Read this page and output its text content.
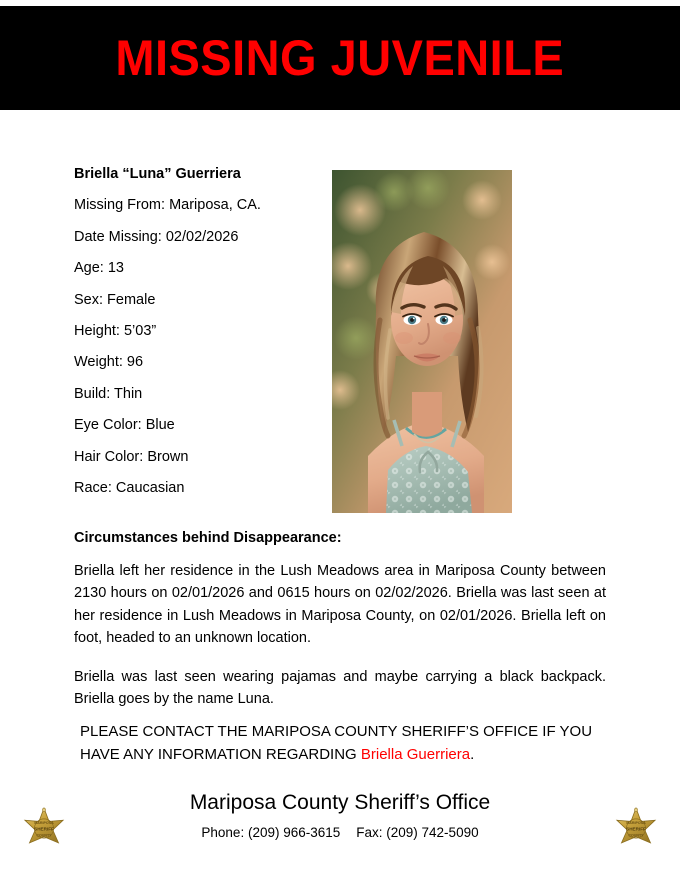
MISSING JUVENILE
Briella “Luna” Guerriera
Missing From: Mariposa, CA.
Date Missing: 02/02/2026
Age: 13
Sex: Female
Height: 5’03”
Weight: 96
Build: Thin
Eye Color: Blue
Hair Color: Brown
Race: Caucasian
Circumstances behind Disappearance:

Briella left her residence in the Lush Meadows area in Mariposa County between 2130 hours on 02/01/2026 and 0615 hours on 02/02/2026. Briella was last seen at her residence in Lush Meadows in Mariposa County, on 02/01/2026. Briella left on foot, headed to an unknown location.

Briella was last seen wearing pajamas and maybe carrying a black backpack. Briella goes by the name Luna.

PLEASE CONTACT THE MARIPOSA COUNTY SHERIFF’S OFFICE IF YOU HAVE ANY INFORMATION REGARDING Briella Guerriera.
Mariposa County Sheriff’s Office
Phone: (209) 966-3615 Fax: (209) 742-5090
MARIPOSA
SHERIFF
COUNTY
MARIPOSA
SHERIFF
COUNTY
